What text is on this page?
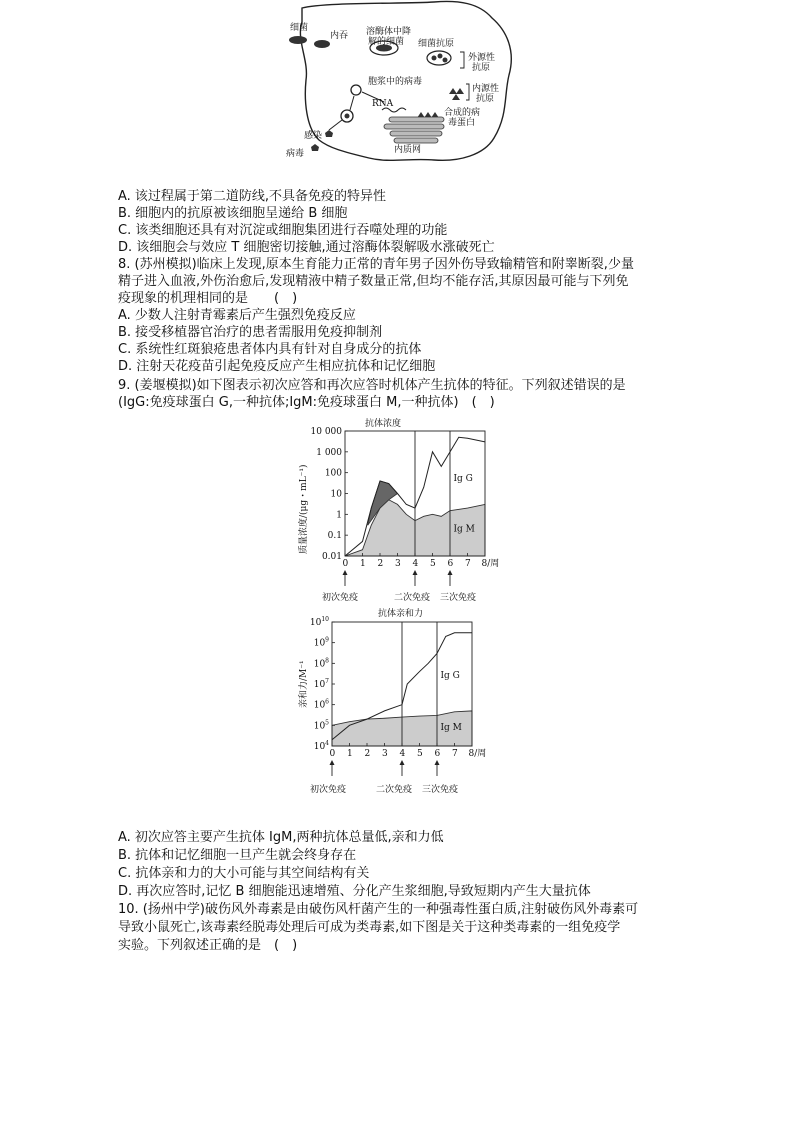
细菌
内吞 溶酶体中降
解的细菌 细菌抗原
外源性
抗原
胞浆中的病毒
RNA
内源性
抗原
合成的病
毒蛋白
感染
病毒	内质网
A. 该过程属于第二道防线,不具备免疫的特异性
B. 细胞内的抗原被该细胞呈递给 B 细胞
C. 该类细胞还具有对沉淀或细胞集团进行吞噬处理的功能
D. 该细胞会与效应 T 细胞密切接触,通过溶酶体裂解吸水涨破死亡
8. (苏州模拟)临床上发现,原本生育能力正常的青年男子因外伤导致输精管和附睾断裂,少量
精子进入血液,外伤治愈后,发现精液中精子数量正常,但均不能存活,其原因最可能与下列免
疫现象的机理相同的是　　(　)
A. 少数人注射青霉素后产生强烈免疫反应
B. 接受移植器官治疗的患者需服用免疫抑制剂
C. 系统性红斑狼疮患者体内具有针对自身成分的抗体
D. 注射天花疫苗引起免疫反应产生相应抗体和记忆细胞
9. (姜堰模拟)如下图表示初次应答和再次应答时机体产生抗体的特征。下列叙述错误的是
(IgG:免疫球蛋白 G,一种抗体;IgM:免疫球蛋白 M,一种抗体)　(　)
抗体浓度
质量浓度/(μg・mL⁻¹)
0 1 2 3 4 5 6 7 8/周
0.01
0.1
1
10
100
1 000
10 000
Ig G
Ig M
初次免疫	二次免疫 三次免疫
抗体亲和力
亲和力/M⁻¹
0 1 2 3 4 5 6 7 8/周
$10^4$
$10^5$
$10^6$
$10^7$
$10^8$
$10^9$
$10^{10}$
Ig G
Ig M
初次免疫	二次免疫 三次免疫
A. 初次应答主要产生抗体 IgM,两种抗体总量低,亲和力低
B. 抗体和记忆细胞一旦产生就会终身存在
C. 抗体亲和力的大小可能与其空间结构有关
D. 再次应答时,记忆 B 细胞能迅速增殖、分化产生浆细胞,导致短期内产生大量抗体
10. (扬州中学)破伤风外毒素是由破伤风杆菌产生的一种强毒性蛋白质,注射破伤风外毒素可
导致小鼠死亡,该毒素经脱毒处理后可成为类毒素,如下图是关于这种类毒素的一组免疫学
实验。下列叙述正确的是　(　)
